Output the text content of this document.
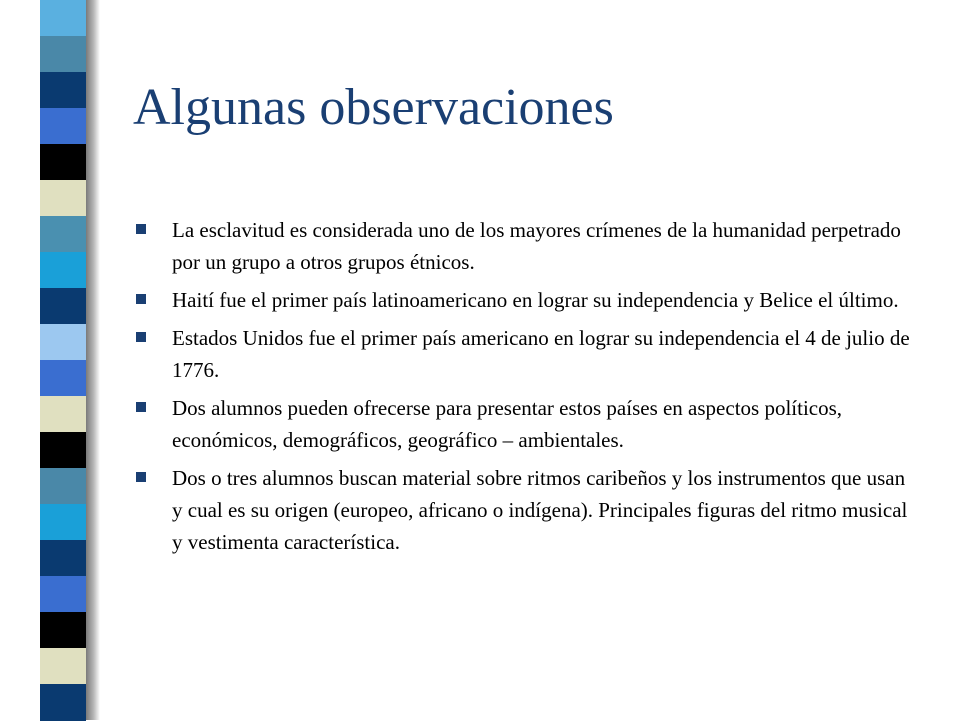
Algunas observaciones
La esclavitud es considerada uno de los mayores crímenes de la humanidad perpetrado por un grupo a otros grupos étnicos.
Haití fue el primer país latinoamericano en lograr su independencia y Belice el último.
Estados Unidos fue el primer país americano en lograr su independencia el 4 de julio de 1776.
Dos alumnos pueden ofrecerse para presentar estos países en aspectos políticos, económicos, demográficos, geográfico – ambientales.
Dos o tres alumnos buscan material sobre ritmos caribeños y los instrumentos que usan y cual es su origen (europeo, africano o indígena). Principales figuras del ritmo musical y vestimenta característica.
